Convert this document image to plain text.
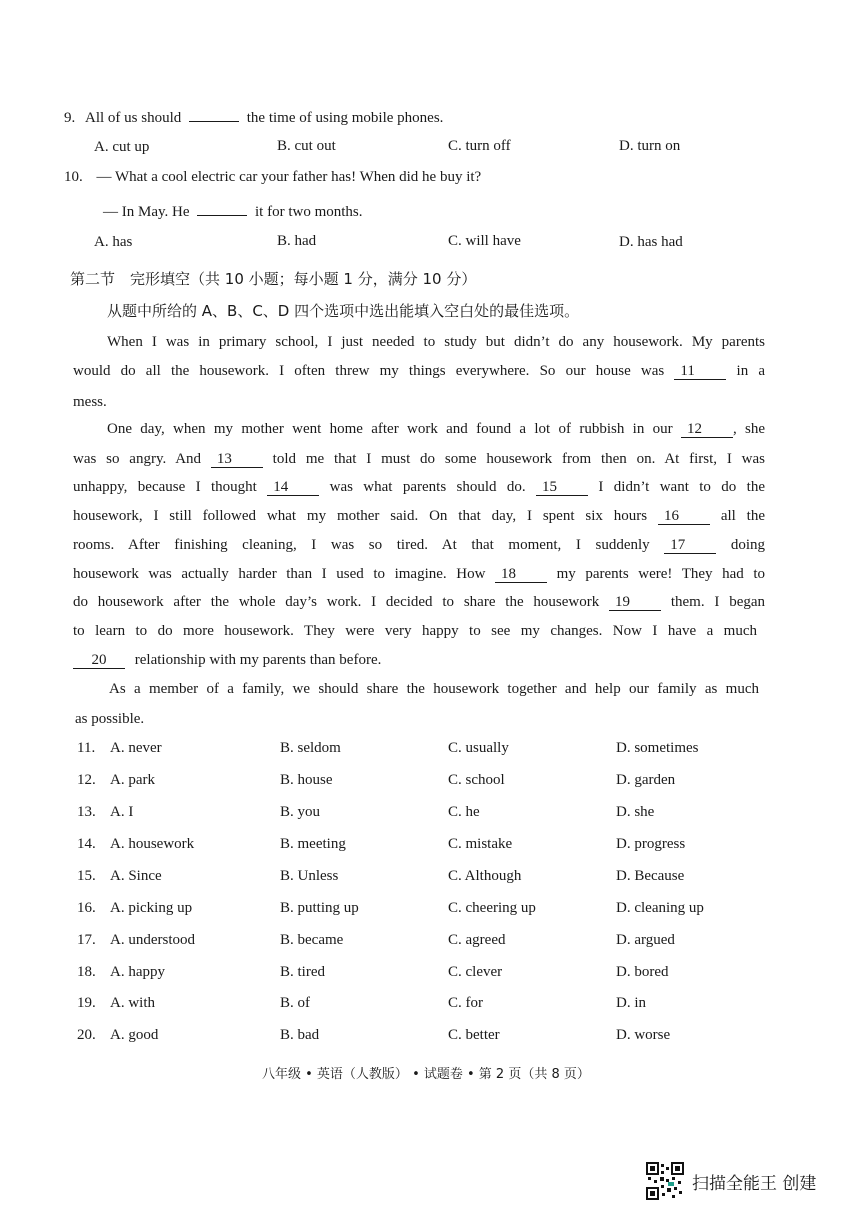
9. All of us should	the time of using mobile phones.
A. cut up	B. cut out	C. turn off	D. turn on
10. — What a cool electric car your father has! When did he buy it?
— In May. He	it for two months.
A. has	B. had	C. will have	D. has had
第二节　完形填空（共 10 小题；每小题 1 分，满分 10 分）
从题中所给的 A、B、C、D 四个选项中选出能填入空白处的最佳选项。
When I was in primary school, I just needed to study but didn’t do any housework. My parents
would do all the housework. I often threw my things everywhere. So our house was 11	in a
mess.
One day, when my mother went home after work and found a lot of rubbish in our 12 , she
was so angry. And 13	told me that I must do some housework from then on. At first, I was
unhappy, because I thought 14	was what parents should do. 15	I didn’t want to do the
housework, I still followed what my mother said. On that day, I spent six hours 16	all the
rooms. After finishing cleaning, I was so tired. At that moment, I suddenly 17	doing
housework was actually harder than I used to imagine. How 18	my parents were! They had to
do housework after the whole day’s work. I decided to share the housework 19	them. I began
to learn to do more housework. They were very happy to see my changes. Now I have a much
20 relationship with my parents than before.
As a member of a family, we should share the housework together and help our family as much
as possible.
11. A. never	B. seldom	C. usually	D. sometimes
12. A. park	B. house	C. school	D. garden
13. A. I	B. you	C. he	D. she
14. A. housework	B. meeting	C. mistake	D. progress
15. A. Since	B. Unless	C. Although	D. Because
16. A. picking up	B. putting up	C. cheering up	D. cleaning up
17. A. understood	B. became	C. agreed	D. argued
18. A. happy	B. tired	C. clever	D. bored
19. A. with	B. of	C. for	D. in
20. A. good	B. bad	C. better	D. worse
八年级 • 英语（人教版） • 试题卷 • 第 2 页（共 8 页）
扫描全能王 创建
